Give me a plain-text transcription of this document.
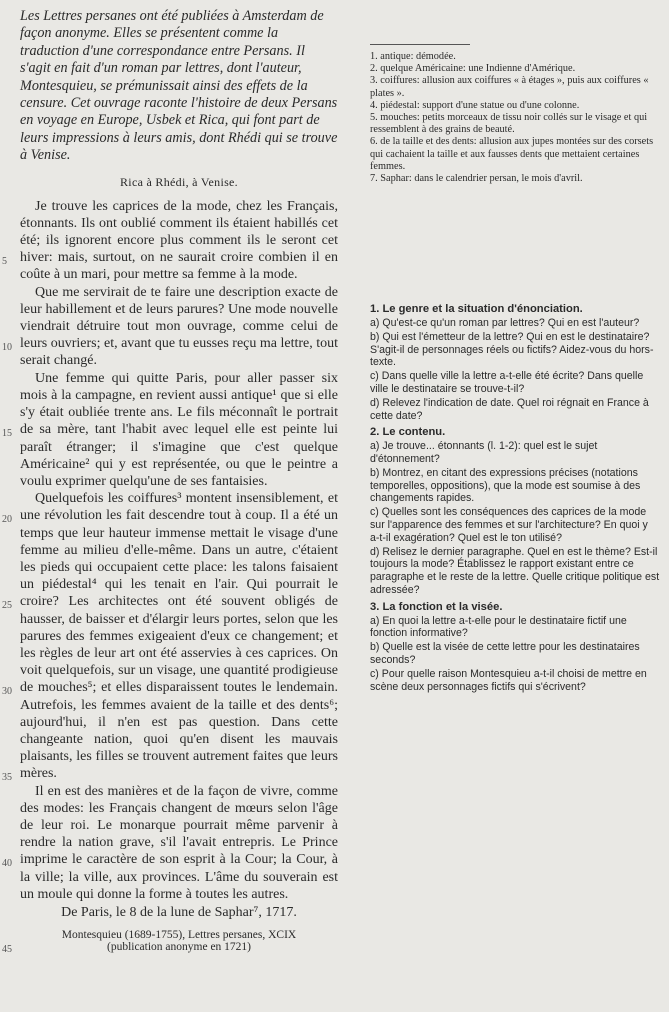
Les Lettres persanes ont été publiées à Amsterdam de façon anonyme. Elles se présentent comme la traduction d'une correspondance entre Persans. Il s'agit en fait d'un roman par lettres, dont l'auteur, Montesquieu, se prémunissait ainsi des effets de la censure. Cet ouvrage raconte l'histoire de deux Persans en voyage en Europe, Usbek et Rica, qui font part de leurs impressions à leurs amis, dont Rhédi qui se trouve à Venise.
Rica à Rhédi, à Venise.

Je trouve les caprices de la mode, chez les Français, étonnants. Ils ont oublié comment ils étaient habillés cet été; ils ignorent encore plus comment ils le seront cet hiver: mais, surtout, on ne saurait croire combien il en coûte à un mari, pour mettre sa femme à la mode.

Que me servirait de te faire une description exacte de leur habillement et de leurs parures? Une mode nouvelle viendrait détruire tout mon ouvrage, comme celui de leurs ouvriers; et, avant que tu eusses reçu ma lettre, tout serait changé.

Une femme qui quitte Paris, pour aller passer six mois à la campagne, en revient aussi antique¹ que si elle s'y était oubliée trente ans. Le fils méconnaît le portrait de sa mère, tant l'habit avec lequel elle est peinte lui paraît étranger; il s'imagine que c'est quelque Américaine² qui y est représentée, ou que le peintre a voulu exprimer quelqu'une de ses fantaisies.

Quelquefois les coiffures³ montent insensiblement, et une révolution les fait descendre tout à coup. Il a été un temps que leur hauteur immense mettait le visage d'une femme au milieu d'elle-même. Dans un autre, c'étaient les pieds qui occupaient cette place: les talons faisaient un piédestal⁴ qui les tenait en l'air. Qui pourrait le croire? Les architectes ont été souvent obligés de hausser, de baisser et d'élargir leurs portes, selon que les parures des femmes exigeaient d'eux ce changement; et les règles de leur art ont été asservies à ces caprices. On voit quelquefois, sur un visage, une quantité prodigieuse de mouches⁵; et elles disparaissent toutes le lendemain. Autrefois, les femmes avaient de la taille et des dents⁶; aujourd'hui, il n'en est pas question. Dans cette changeante nation, quoi qu'en disent les mauvais plaisants, les filles se trouvent autrement faites que leurs mères.

Il en est des manières et de la façon de vivre, comme des modes: les Français changent de mœurs selon l'âge de leur roi. Le monarque pourrait même parvenir à rendre la nation grave, s'il l'avait entrepris. Le Prince imprime le caractère de son esprit à la Cour; la Cour, à la ville; la ville, aux provinces. L'âme du souverain est un moule qui donne la forme à toutes les autres.

De Paris, le 8 de la lune de Saphar⁷, 1717.
Montesquieu (1689-1755), Lettres persanes, XCIX
(publication anonyme en 1721)
1. antique: démodée.
2. quelque Américaine: une Indienne d'Amérique.
3. coiffures: allusion aux coiffures « à étages », puis aux coiffures « plates ».
4. piédestal: support d'une statue ou d'une colonne.
5. mouches: petits morceaux de tissu noir collés sur le visage et qui ressemblent à des grains de beauté.
6. de la taille et des dents: allusion aux jupes montées sur des corsets qui cachaient la taille et aux fausses dents que mettaient certaines femmes.
7. Saphar: dans le calendrier persan, le mois d'avril.
1. Le genre et la situation d'énonciation.
a) Qu'est-ce qu'un roman par lettres? Qui en est l'auteur?
b) Qui est l'émetteur de la lettre? Qui en est le destinataire? S'agit-il de personnages réels ou fictifs? Aidez-vous du hors-texte.
c) Dans quelle ville la lettre a-t-elle été écrite? Dans quelle ville le destinataire se trouve-t-il?
d) Relevez l'indication de date. Quel roi régnait en France à cette date?
2. Le contenu.
a) Je trouve... étonnants (l. 1-2): quel est le sujet d'étonnement?
b) Montrez, en citant des expressions précises (notations temporelles, oppositions), que la mode est soumise à des changements rapides.
c) Quelles sont les conséquences des caprices de la mode sur l'apparence des femmes et sur l'architecture? En quoi y a-t-il exagération? Quel est le ton utilisé?
d) Relisez le dernier paragraphe. Quel en est le thème? Est-il toujours la mode? Établissez le rapport existant entre ce paragraphe et le reste de la lettre. Quelle critique politique est adressée?
3. La fonction et la visée.
a) En quoi la lettre a-t-elle pour le destinataire fictif une fonction informative?
b) Quelle est la visée de cette lettre pour les destinataires seconds?
c) Pour quelle raison Montesquieu a-t-il choisi de mettre en scène deux personnages fictifs qui s'écrivent?
5
10
15
20
25
30
35
40
45
